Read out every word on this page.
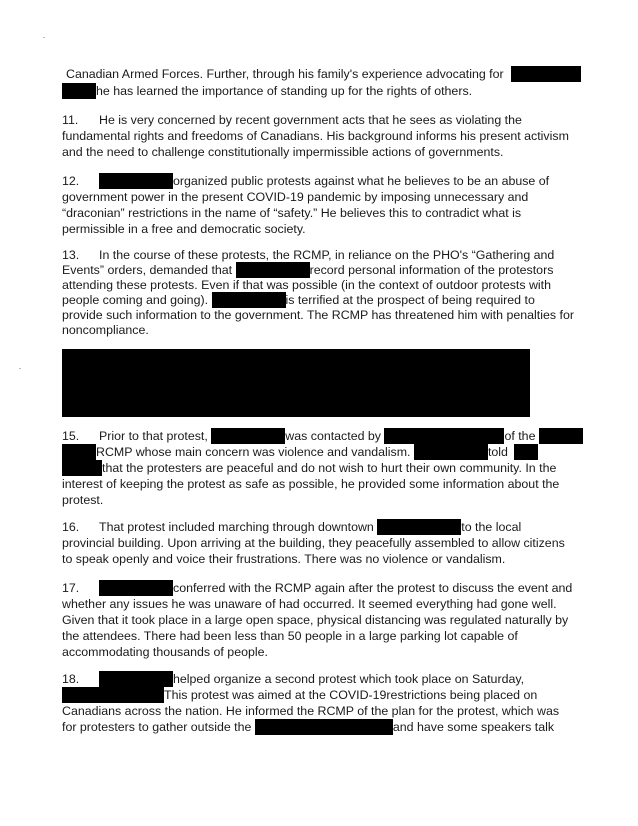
Canadian Armed Forces. Further, through his family's experience advocating for
he has learned the importance of standing up for the rights of others.
11. He is very concerned by recent government acts that he sees as violating the
fundamental rights and freedoms of Canadians. His background informs his present activism
and the need to challenge constitutionally impermissible actions of governments.
12.	organized public protests against what he believes to be an abuse of
government power in the present COVID-19 pandemic by imposing unnecessary and
“draconian” restrictions in the name of “safety.” He believes this to contradict what is
permissible in a free and democratic society.
13. In the course of these protests, the RCMP, in reliance on the PHO's “Gathering and
Events” orders, demanded that	record personal information of the protestors
attending these protests. Even if that was possible (in the context of outdoor protests with
people coming and going).	is terrified at the prospect of being required to
provide such information to the government. The RCMP has threatened him with penalties for
noncompliance.
15. Prior to that protest,	was contacted by	of the
RCMP whose main concern was violence and vandalism.	told
that the protesters are peaceful and do not wish to hurt their own community. In the
interest of keeping the protest as safe as possible, he provided some information about the
protest.
16. That protest included marching through downtown	to the local
provincial building. Upon arriving at the building, they peacefully assembled to allow citizens
to speak openly and voice their frustrations. There was no violence or vandalism.
17.	conferred with the RCMP again after the protest to discuss the event and
whether any issues he was unaware of had occurred. It seemed everything had gone well.
Given that it took place in a large open space, physical distancing was regulated naturally by
the attendees. There had been less than 50 people in a large parking lot capable of
accommodating thousands of people.
18.	helped organize a second protest which took place on Saturday,
This protest was aimed at the COVID-19restrictions being placed on
Canadians across the nation. He informed the RCMP of the plan for the protest, which was
for protesters to gather outside the	and have some speakers talk
